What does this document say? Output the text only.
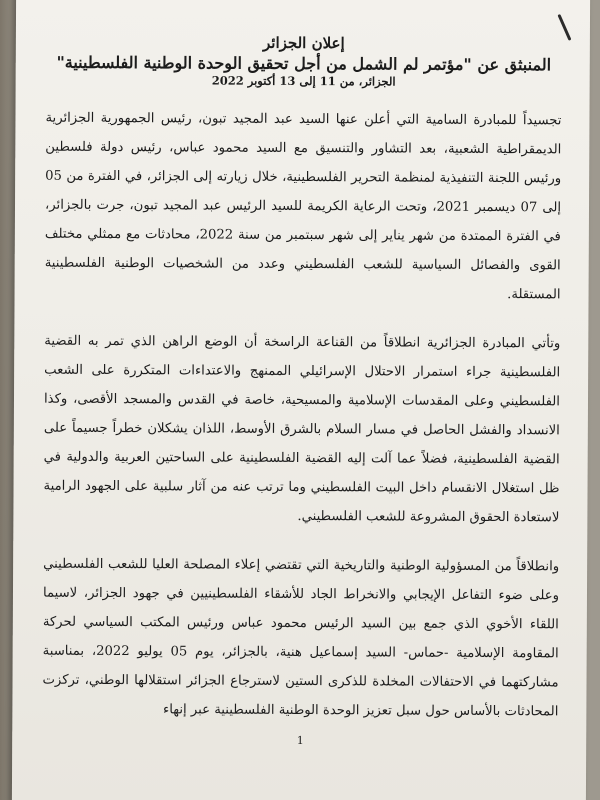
إعلان الجزائر

المنبثق عن "مؤتمر لم الشمل من أجل تحقيق الوحدة الوطنية الفلسطينية"

الجزائر، من 11 إلى 13 أكتوبر 2022

تجسيداً للمبادرة السامية التي أعلن عنها السيد عبد المجيد تبون، رئيس الجمهورية الجزائرية الديمقراطية الشعبية، بعد التشاور والتنسيق مع السيد محمود عباس، رئيس دولة فلسطين ورئيس اللجنة التنفيذية لمنظمة التحرير الفلسطينية، خلال زيارته إلى الجزائر، في الفترة من 05 إلى 07 ديسمبر 2021، وتحت الرعاية الكريمة للسيد الرئيس عبد المجيد تبون، جرت بالجزائر، في الفترة الممتدة من شهر يناير إلى شهر سبتمبر من سنة 2022، محادثات مع ممثلي مختلف القوى والفصائل السياسية للشعب الفلسطيني وعدد من الشخصيات الوطنية الفلسطينية المستقلة.

وتأتي المبادرة الجزائرية انطلاقاً من القناعة الراسخة أن الوضع الراهن الذي تمر به القضية الفلسطينية جراء استمرار الاحتلال الإسرائيلي الممنهج والاعتداءات المتكررة على الشعب الفلسطيني وعلى المقدسات الإسلامية والمسيحية، خاصة في القدس والمسجد الأقصى، وكذا الانسداد والفشل الحاصل في مسار السلام بالشرق الأوسط، اللذان يشكلان خطراً جسيماً على القضية الفلسطينية، فضلاً عما آلت إليه القضية الفلسطينية على الساحتين العربية والدولية في ظل استغلال الانقسام داخل البيت الفلسطيني وما ترتب عنه من آثار سلبية على الجهود الرامية لاستعادة الحقوق المشروعة للشعب الفلسطيني.

وانطلاقاً من المسؤولية الوطنية والتاريخية التي تقتضي إعلاء المصلحة العليا للشعب الفلسطيني وعلى ضوء التفاعل الإيجابي والانخراط الجاد للأشقاء الفلسطينيين في جهود الجزائر، لاسيما اللقاء الأخوي الذي جمع بين السيد الرئيس محمود عباس ورئيس المكتب السياسي لحركة المقاومة الإسلامية -حماس- السيد إسماعيل هنية، بالجزائر، يوم 05 يوليو 2022، بمناسبة مشاركتهما في الاحتفالات المخلدة للذكرى الستين لاسترجاع الجزائر استقلالها الوطني، تركزت المحادثات بالأساس حول سبل تعزيز الوحدة الوطنية الفلسطينية عبر إنهاء

1
